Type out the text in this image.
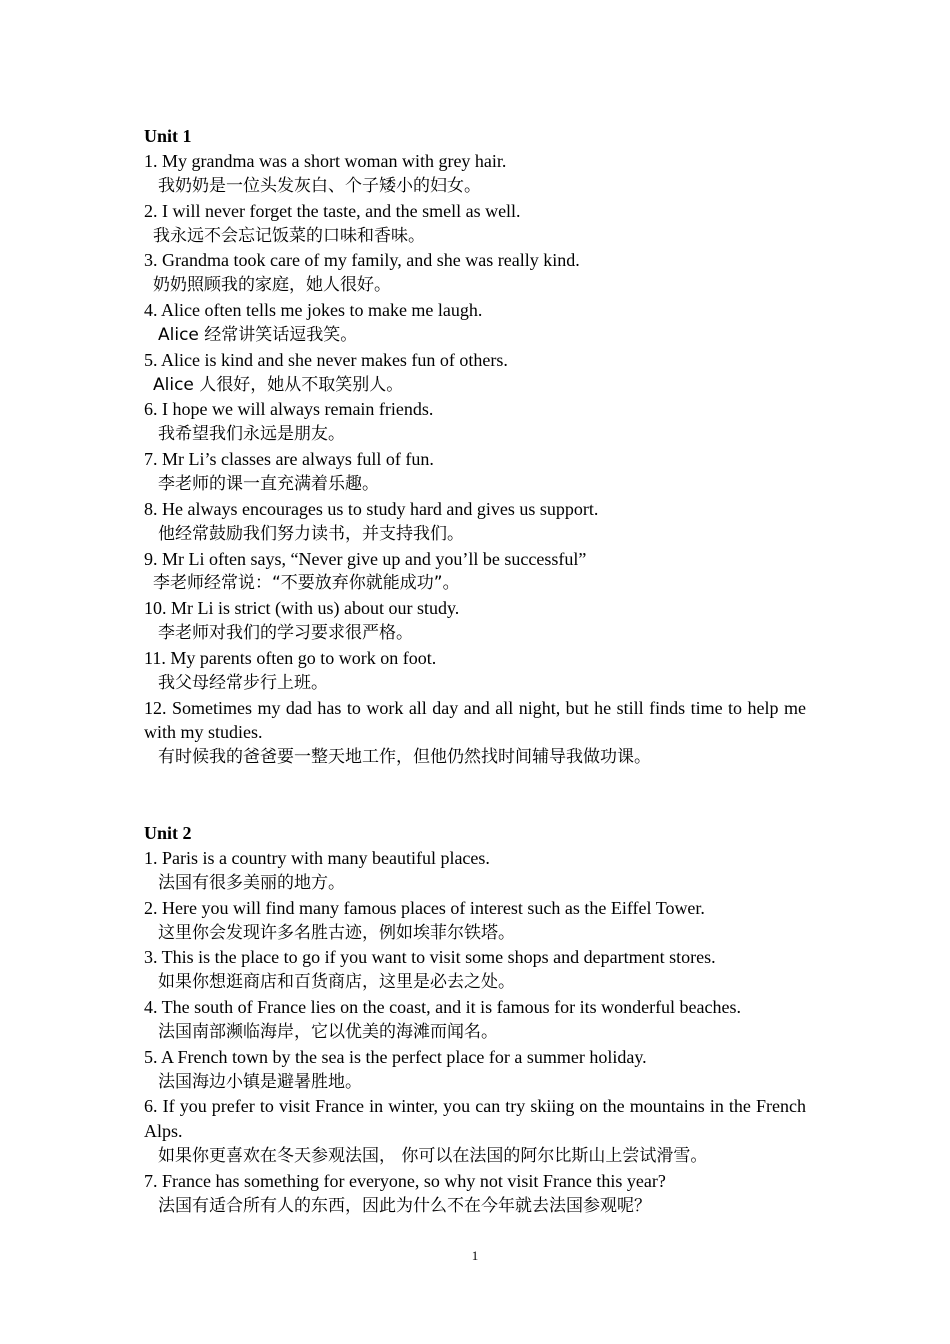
Unit 1
1. My grandma was a short woman with grey hair.
我奶奶是一位头发灰白、个子矮小的妇女。
2. I will never forget the taste, and the smell as well.
我永远不会忘记饭菜的口味和香味。
3. Grandma took care of my family, and she was really kind.
奶奶照顾我的家庭，她人很好。
4. Alice often tells me jokes to make me laugh.
Alice 经常讲笑话逗我笑。
5. Alice is kind and she never makes fun of others.
Alice 人很好，她从不取笑别人。
6. I hope we will always remain friends.
我希望我们永远是朋友。
7. Mr Li’s classes are always full of fun.
李老师的课一直充满着乐趣。
8. He always encourages us to study hard and gives us support.
他经常鼓励我们努力读书，并支持我们。
9. Mr Li often says, “Never give up and you’ll be successful”
李老师经常说：“不要放弃你就能成功”。
10. Mr Li is strict (with us) about our study.
李老师对我们的学习要求很严格。
11. My parents often go to work on foot.
我父母经常步行上班。
12. Sometimes my dad has to work all day and all night, but he still finds time to help me with my studies.
有时候我的爸爸要一整天地工作，但他仍然找时间辅导我做功课。
Unit 2
1. Paris is a country with many beautiful places.
法国有很多美丽的地方。
2. Here you will find many famous places of interest such as the Eiffel Tower.
这里你会发现许多名胜古迹，例如埃菲尔铁塔。
3. This is the place to go if you want to visit some shops and department stores.
如果你想逛商店和百货商店，这里是必去之处。
4. The south of France lies on the coast, and it is famous for its wonderful beaches.
法国南部濒临海岸，它以优美的海滩而闻名。
5. A French town by the sea is the perfect place for a summer holiday.
法国海边小镇是避暑胜地。
6. If you prefer to visit France in winter, you can try skiing on the mountains in the French Alps.
如果你更喜欢在冬天参观法国， 你可以在法国的阿尔比斯山上尝试滑雪。
7. France has something for everyone, so why not visit France this year?
法国有适合所有人的东西，因此为什么不在今年就去法国参观呢？
1
